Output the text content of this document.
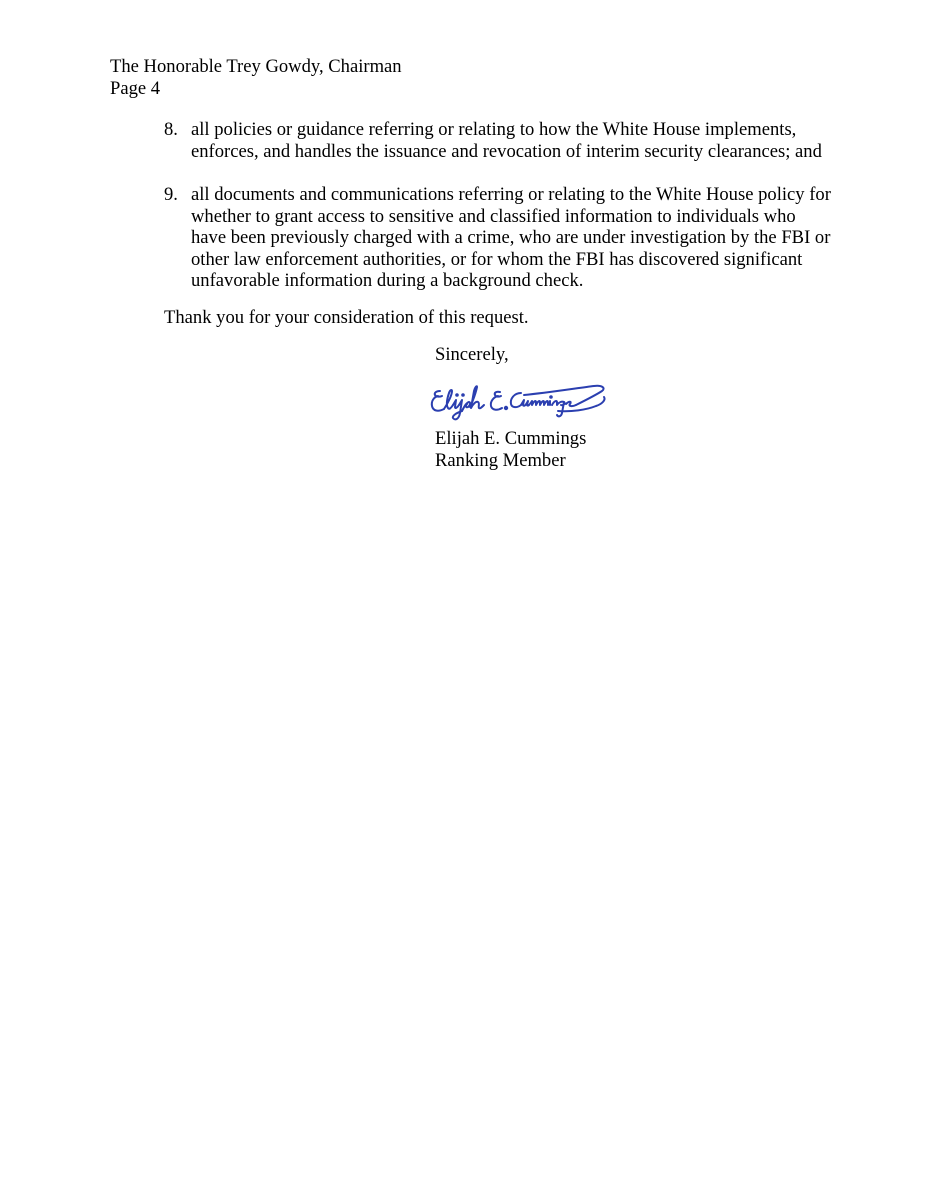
The Honorable Trey Gowdy, Chairman
Page 4
8. all policies or guidance referring or relating to how the White House implements,
enforces, and handles the issuance and revocation of interim security clearances; and
9. all documents and communications referring or relating to the White House policy for
whether to grant access to sensitive and classified information to individuals who
have been previously charged with a crime, who are under investigation by the FBI or
other law enforcement authorities, or for whom the FBI has discovered significant
unfavorable information during a background check.
Thank you for your consideration of this request.
Sincerely,
Elijah E. Cummings
Ranking Member
